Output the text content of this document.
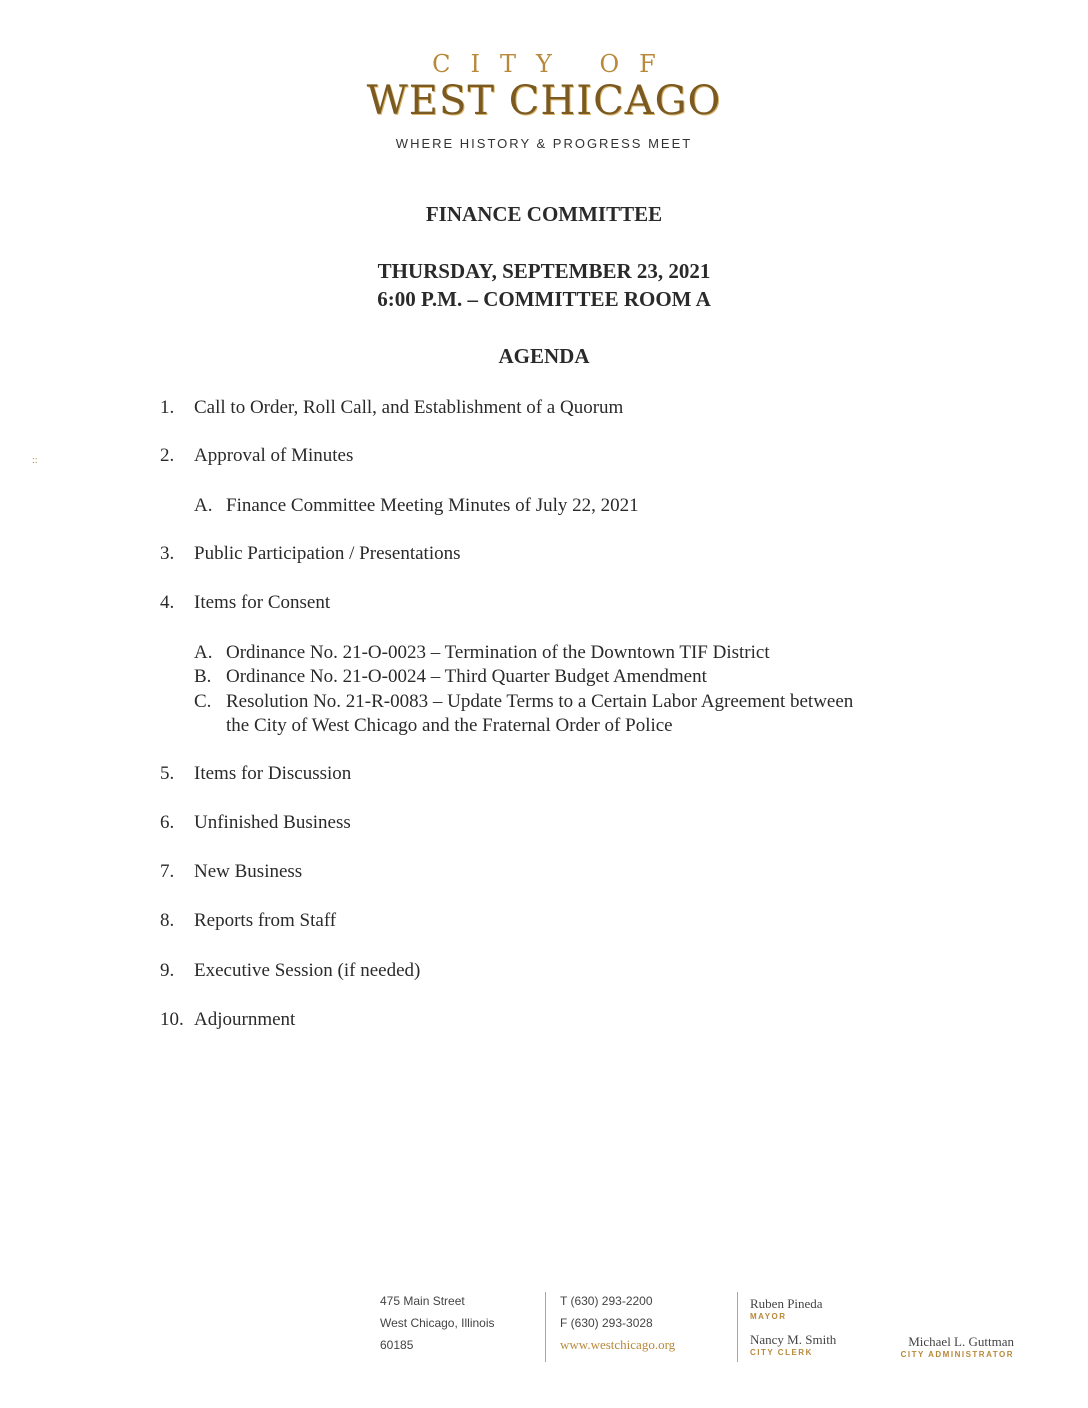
::
CITY OF
WEST CHICAGO
WHERE HISTORY & PROGRESS MEET
FINANCE COMMITTEE
THURSDAY, SEPTEMBER 23, 2021
6:00 P.M. – COMMITTEE ROOM A
AGENDA
1. Call to Order, Roll Call, and Establishment of a Quorum
2. Approval of Minutes
A. Finance Committee Meeting Minutes of July 22, 2021
3. Public Participation / Presentations
4. Items for Consent
A. Ordinance No. 21-O-0023 – Termination of the Downtown TIF District
B. Ordinance No. 21-O-0024 – Third Quarter Budget Amendment
C. Resolution No. 21-R-0083 – Update Terms to a Certain Labor Agreement between
the City of West Chicago and the Fraternal Order of Police
5. Items for Discussion
6. Unfinished Business
7. New Business
8. Reports from Staff
9. Executive Session (if needed)
10. Adjournment
475 Main Street
West Chicago, Illinois
60185
T (630) 293-2200
F (630) 293-3028
www.westchicago.org
Ruben Pineda
MAYOR
Nancy M. Smith
CITY CLERK
Michael L. Guttman
CITY ADMINISTRATOR
